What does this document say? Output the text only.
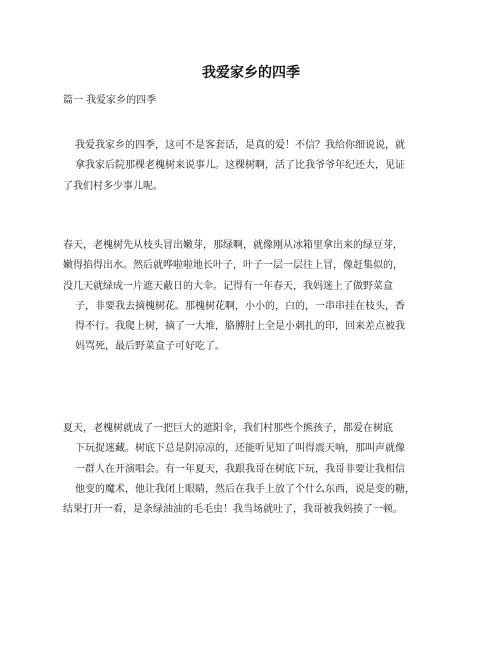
我爱家乡的四季
篇一 我爱家乡的四季
我爱我家乡的四季，这可不是客套话，是真的爱！不信？我给你细说说，就
拿我家后院那棵老槐树来说事儿。这棵树啊，活了比我爷爷年纪还大，见证
了我们村多少事儿呢。
春天，老槐树先从枝头冒出嫩芽，那绿啊，就像刚从冰箱里拿出来的绿豆芽，
嫩得掐得出水。然后就哗啦啦地长叶子，叶子一层一层往上冒，像赶集似的，
没几天就绿成一片遮天蔽日的大伞。记得有一年春天，我妈迷上了做野菜盒
子，非要我去摘槐树花。那槐树花啊，小小的，白的，一串串挂在枝头，香
得不行。我爬上树，摘了一大堆，胳膊肘上全是小刺扎的印，回来差点被我
妈骂死，最后野菜盒子可好吃了。
夏天，老槐树就成了一把巨大的遮阳伞，我们村那些个熊孩子，都爱在树底
下玩捉迷藏。树底下总是阴凉凉的，还能听见知了叫得震天响，那叫声就像
一群人在开演唱会。有一年夏天，我跟我哥在树底下玩，我哥非要让我相信
他变的魔术，他让我闭上眼睛，然后在我手上放了个什么东西，说是变的糖，
结果打开一看，是条绿油油的毛毛虫！我当场就吐了，我哥被我妈揍了一顿。
